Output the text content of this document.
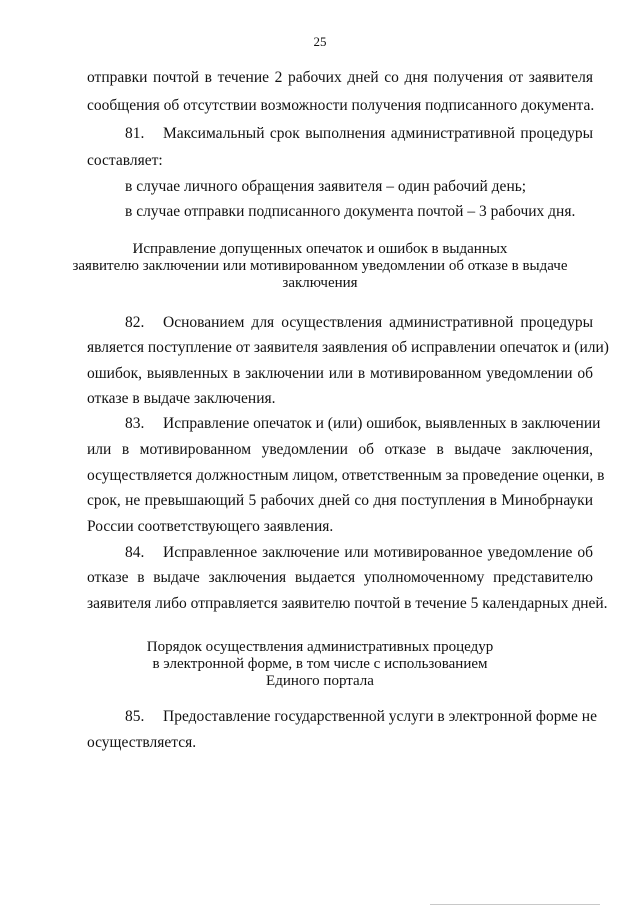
25
отправки почтой в течение 2 рабочих дней со дня получения от заявителя
сообщения об отсутствии возможности получения подписанного документа.
81. Максимальный срок выполнения административной процедуры
составляет:
в случае личного обращения заявителя – один рабочий день;
в случае отправки подписанного документа почтой – 3 рабочих дня.
Исправление допущенных опечаток и ошибок в выданных
заявителю заключении или мотивированном уведомлении об отказе в выдаче
заключения
82. Основанием для осуществления административной процедуры
является поступление от заявителя заявления об исправлении опечаток и (или)
ошибок, выявленных в заключении или в мотивированном уведомлении об
отказе в выдаче заключения.
83. Исправление опечаток и (или) ошибок, выявленных в заключении
или в мотивированном уведомлении об отказе в выдаче заключения,
осуществляется должностным лицом, ответственным за проведение оценки, в
срок, не превышающий 5 рабочих дней со дня поступления в Минобрнауки
России соответствующего заявления.
84. Исправленное заключение или мотивированное уведомление об
отказе в выдаче заключения выдается уполномоченному представителю
заявителя либо отправляется заявителю почтой в течение 5 календарных дней.
Порядок осуществления административных процедур
в электронной форме, в том числе с использованием
Единого портала
85. Предоставление государственной услуги в электронной форме не
осуществляется.
